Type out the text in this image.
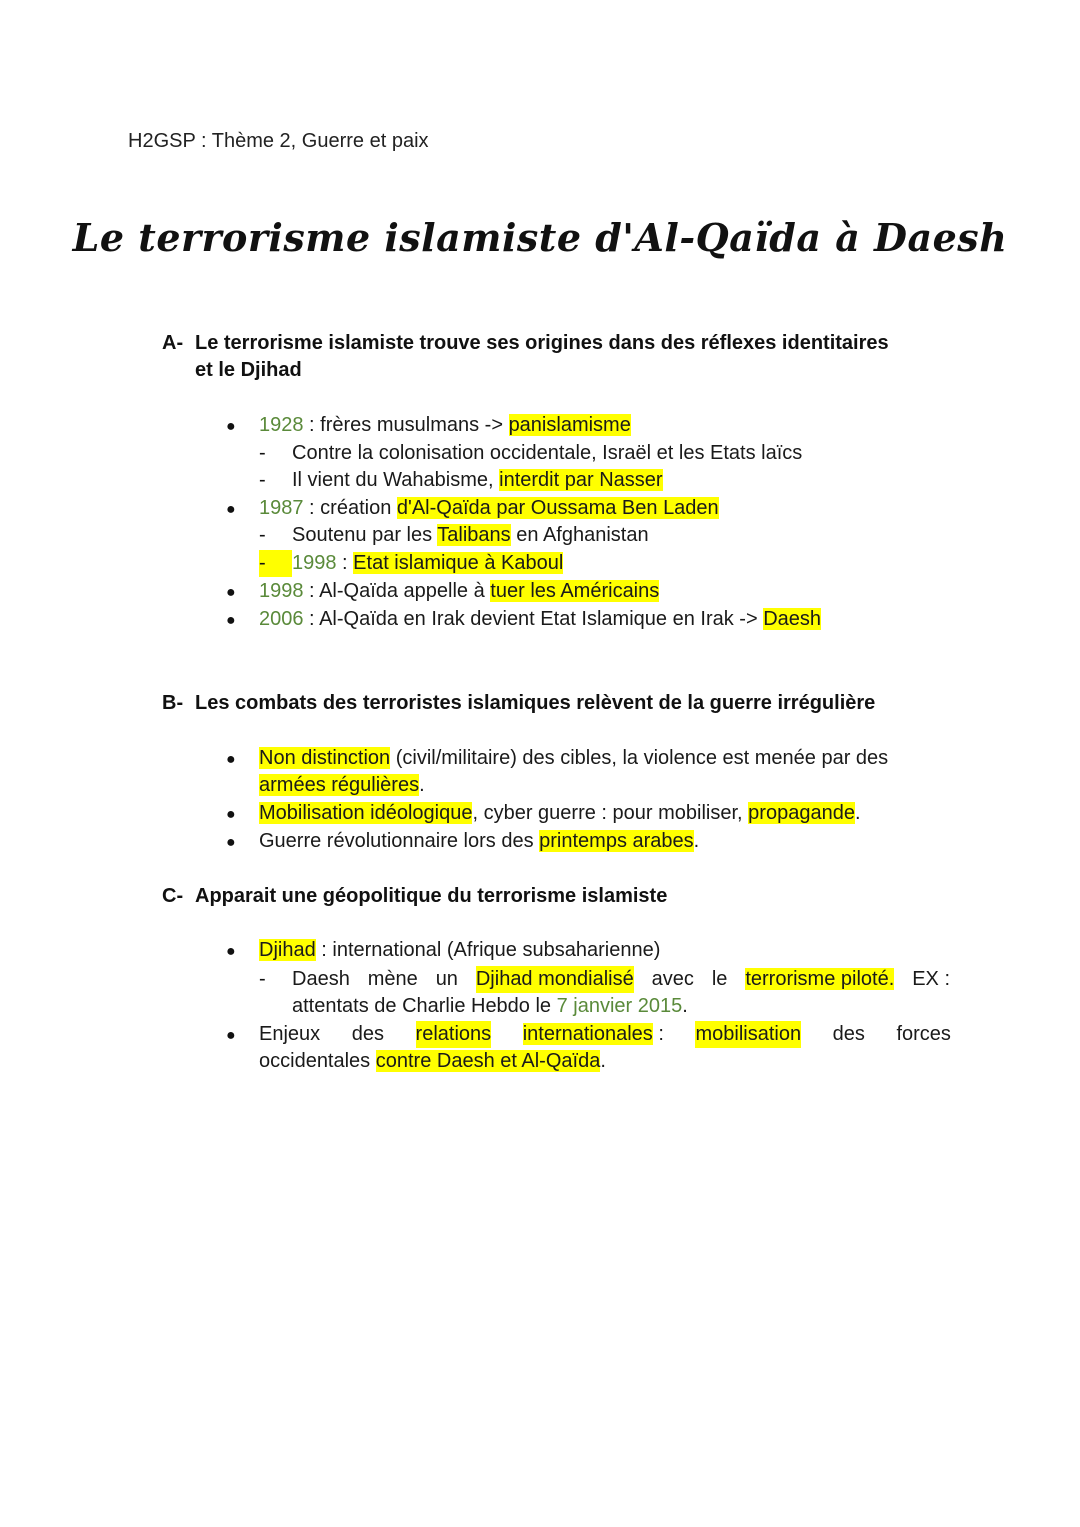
H2GSP : Thème 2, Guerre et paix
Le terrorisme islamiste d'Al-Qaïda à Daesh
A- Le terrorisme islamiste trouve ses origines dans des réflexes identitaires
et le Djihad
● 1928 : frères musulmans -> panislamisme
- Contre la colonisation occidentale, Israël et les Etats laïcs
- Il vient du Wahabisme, interdit par Nasser
● 1987 : création d'Al-Qaïda par Oussama Ben Laden
- Soutenu par les Talibans en Afghanistan
-	1998 : Etat islamique à Kaboul
● 1998 : Al-Qaïda appelle à tuer les Américains
● 2006 : Al-Qaïda en Irak devient Etat Islamique en Irak -> Daesh
B- Les combats des terroristes islamiques relèvent de la guerre irrégulière
● Non distinction (civil/militaire) des cibles, la violence est menée par des
armées régulières.
● Mobilisation idéologique, cyber guerre : pour mobiliser, propagande.
● Guerre révolutionnaire lors des printemps arabes.
C- Apparait une géopolitique du terrorisme islamiste
● Djihad : international (Afrique subsaharienne)
- Daesh mène un Djihad mondialisé avec le terrorisme piloté. EX :
attentats de Charlie Hebdo le 7 janvier 2015.
● Enjeux des relations internationales : mobilisation des forces
occidentales contre Daesh et Al-Qaïda.
